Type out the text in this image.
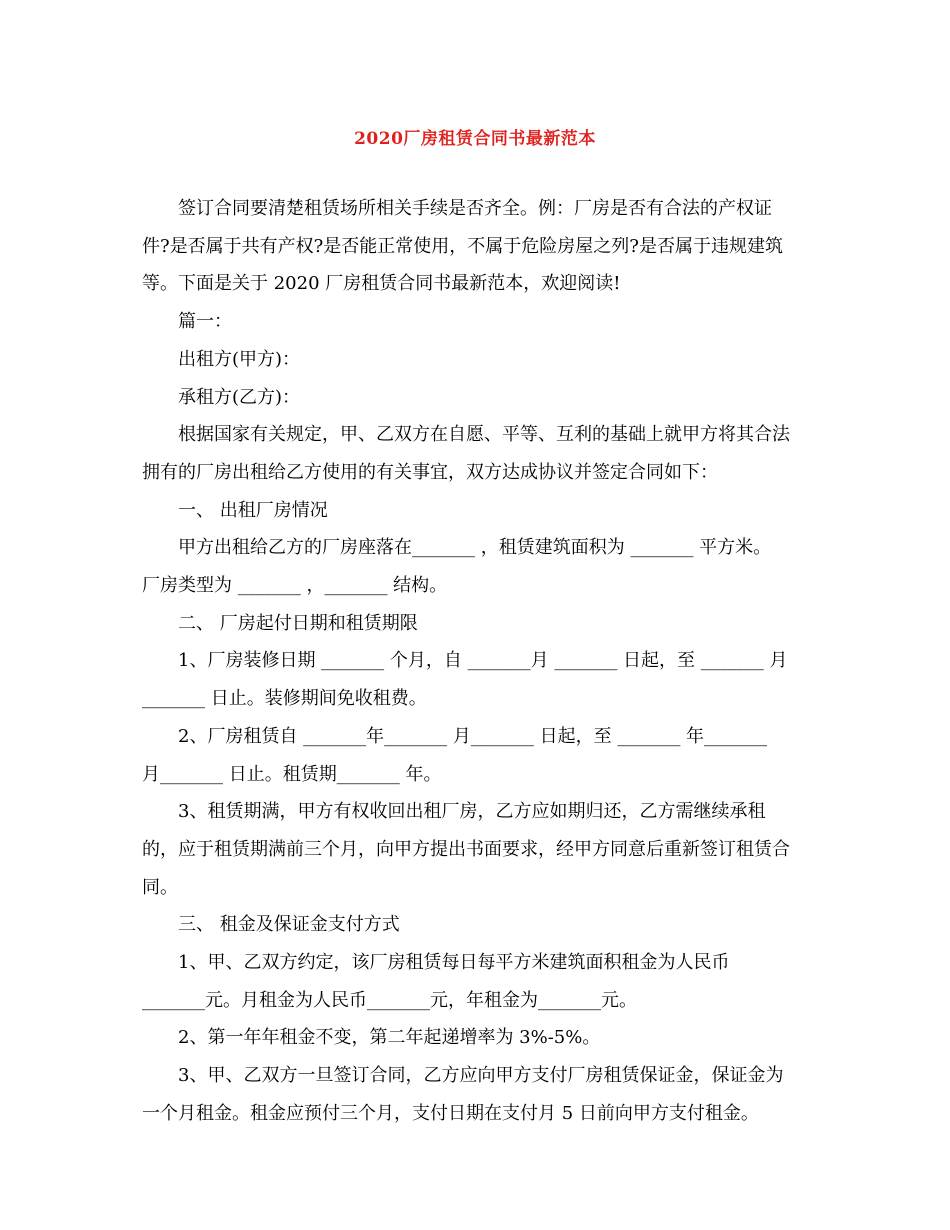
2020厂房租赁合同书最新范本

签订合同要清楚租赁场所相关手续是否齐全。例：厂房是否有合法的产权证
件?是否属于共有产权?是否能正常使用，不属于危险房屋之列?是否属于违规建筑
等。下面是关于 2020 厂房租赁合同书最新范本，欢迎阅读!

篇一：

出租方(甲方)：

承租方(乙方)：

根据国家有关规定，甲、乙双方在自愿、平等、互利的基础上就甲方将其合法
拥有的厂房出租给乙方使用的有关事宜，双方达成协议并签定合同如下：

一、 出租厂房情况

甲方出租给乙方的厂房座落在_______ ，租赁建筑面积为 _______ 平方米。
厂房类型为 _______ ，_______ 结构。

二、 厂房起付日期和租赁期限

1、厂房装修日期 _______ 个月，自 _______月 _______ 日起，至 _______ 月
_______ 日止。装修期间免收租费。

2、厂房租赁自 _______年_______ 月_______ 日起，至 _______ 年_______
月_______ 日止。租赁期_______ 年。

3、租赁期满，甲方有权收回出租厂房，乙方应如期归还，乙方需继续承租
的，应于租赁期满前三个月，向甲方提出书面要求，经甲方同意后重新签订租赁合
同。

三、 租金及保证金支付方式

1、甲、乙双方约定，该厂房租赁每日每平方米建筑面积租金为人民币
_______元。月租金为人民币_______元，年租金为_______元。

2、第一年年租金不变，第二年起递增率为 3%-5%。

3、甲、乙双方一旦签订合同，乙方应向甲方支付厂房租赁保证金，保证金为
一个月租金。租金应预付三个月，支付日期在支付月 5 日前向甲方支付租金。
